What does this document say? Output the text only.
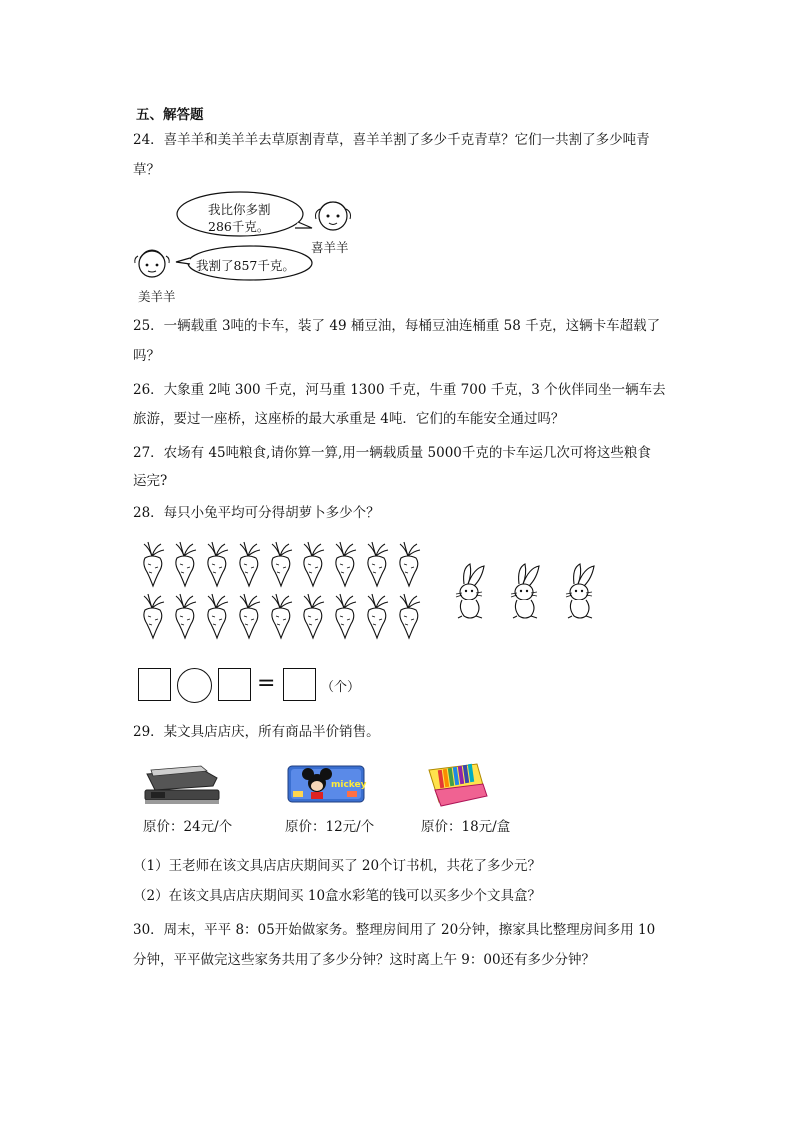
五、解答题
24．喜羊羊和美羊羊去草原割青草，喜羊羊割了多少千克青草？它们一共割了多少吨青
草？
我比你多割
286千克。
喜羊羊
我割了857千克。
美羊羊
25．一辆载重 3吨的卡车，装了 49 桶豆油，每桶豆油连桶重 58 千克，这辆卡车超载了
吗？
26．大象重 2吨 300 千克，河马重 1300 千克，牛重 700 千克，3 个伙伴同坐一辆车去
旅游，要过一座桥，这座桥的最大承重是 4吨．它们的车能安全通过吗？
27．农场有 45吨粮食,请你算一算,用一辆载质量 5000千克的卡车运几次可将这些粮食
运完?
28．每只小兔平均可分得胡萝卜多少个？
=	（个）
29．某文具店店庆，所有商品半价销售。
mickey
原价：24元/个	原价：12元/个	原价：18元/盒
（1）王老师在该文具店店庆期间买了 20个订书机，共花了多少元？
（2）在该文具店店庆期间买 10盒水彩笔的钱可以买多少个文具盒？
30．周末，平平 8：05开始做家务。整理房间用了 20分钟，擦家具比整理房间多用 10
分钟，平平做完这些家务共用了多少分钟？这时离上午 9：00还有多少分钟？
